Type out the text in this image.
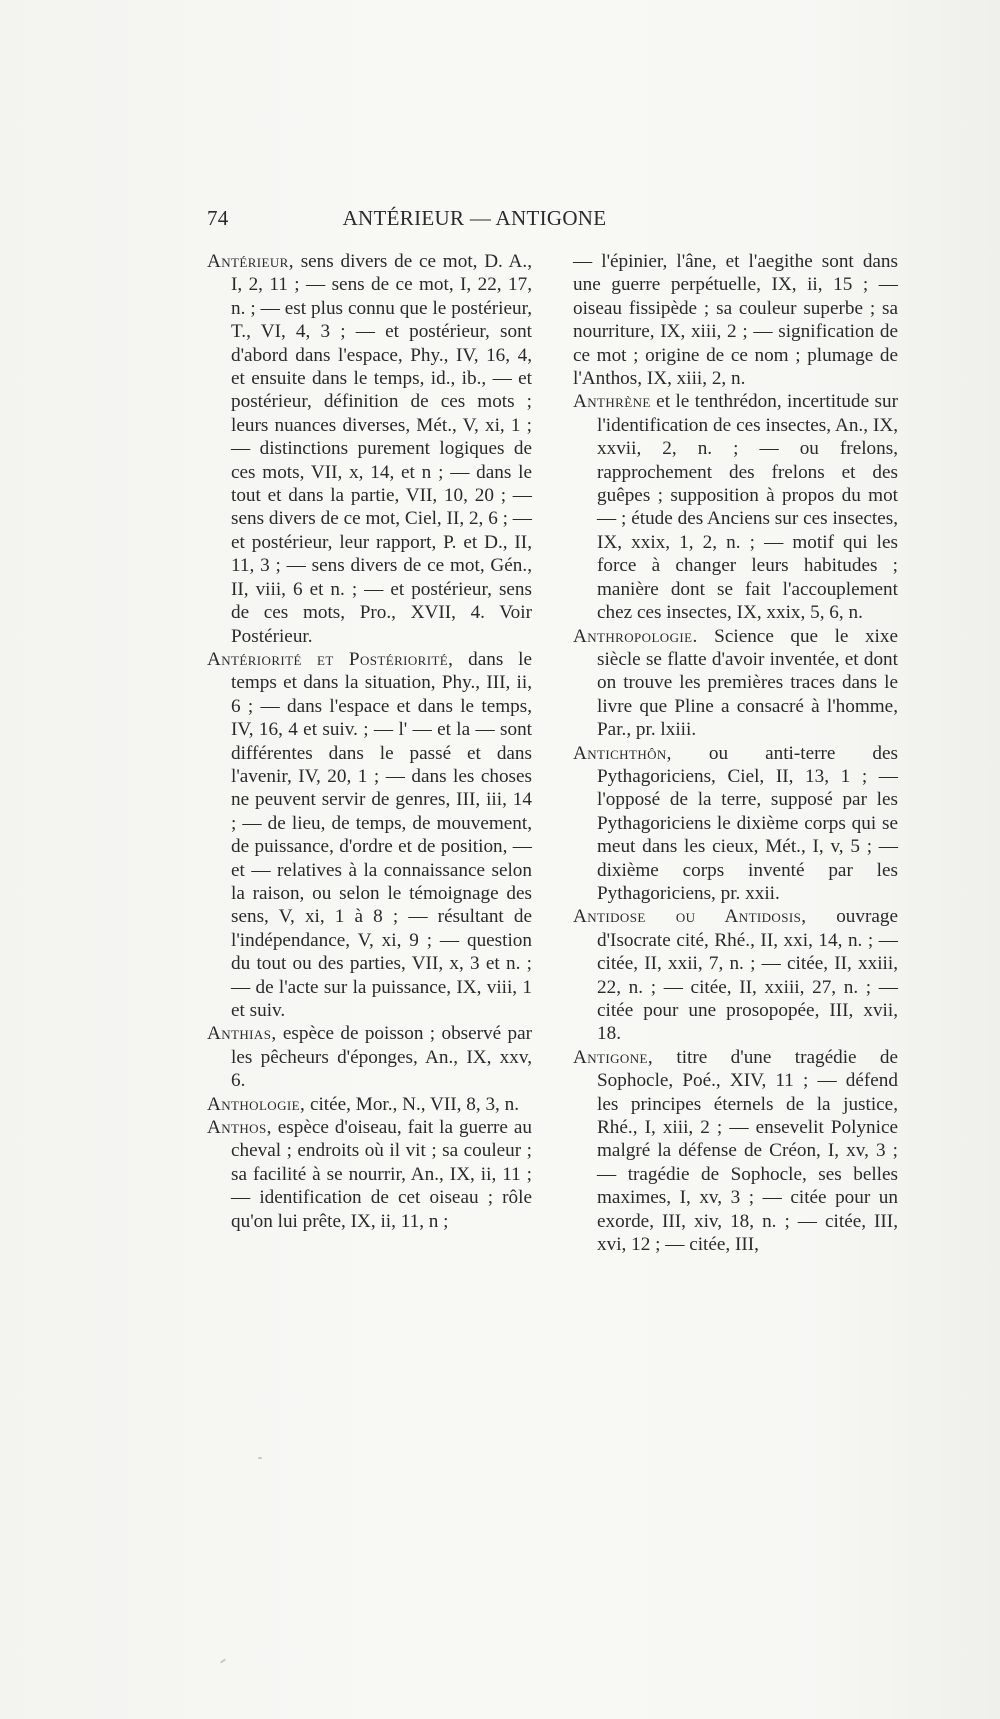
74	ANTÉRIEUR — ANTIGONE

Antérieur, sens divers de ce mot, D. A., I, 2, 11 ; — sens de ce mot, I, 22, 17, n. ; — est plus connu que le postérieur, T., VI, 4, 3 ; — et postérieur, sont d'abord dans l'espace, Phy., IV, 16, 4, et ensuite dans le temps, id., ib., — et postérieur, définition de ces mots ; leurs nuances diverses, Mét., V, xi, 1 ; — distinctions purement logiques de ces mots, VII, x, 14, et n ; — dans le tout et dans la partie, VII, 10, 20 ; — sens divers de ce mot, Ciel, II, 2, 6 ; — et postérieur, leur rapport, P. et D., II, 11, 3 ; — sens divers de ce mot, Gén., II, viii, 6 et n. ; — et postérieur, sens de ces mots, Pro., XVII, 4. Voir Postérieur.

Antériorité et Postériorité, dans le temps et dans la situation, Phy., III, ii, 6 ; — dans l'espace et dans le temps, IV, 16, 4 et suiv. ; — l' — et la — sont différentes dans le passé et dans l'avenir, IV, 20, 1 ; — dans les choses ne peuvent servir de genres, III, iii, 14 ; — de lieu, de temps, de mouvement, de puissance, d'ordre et de position, — et — relatives à la connaissance selon la raison, ou selon le témoignage des sens, V, xi, 1 à 8 ; — résultant de l'indépendance, V, xi, 9 ; — question du tout ou des parties, VII, x, 3 et n. ; — de l'acte sur la puissance, IX, viii, 1 et suiv.

Anthias, espèce de poisson ; observé par les pêcheurs d'éponges, An., IX, xxv, 6.

Anthologie, citée, Mor., N., VII, 8, 3, n.

Anthos, espèce d'oiseau, fait la guerre au cheval ; endroits où il vit ; sa couleur ; sa facilité à se nourrir, An., IX, ii, 11 ; — identification de cet oiseau ; rôle qu'on lui prête, IX, ii, 11, n ;

— l'épinier, l'âne, et l'aegithe sont dans une guerre perpétuelle, IX, ii, 15 ; — oiseau fissipède ; sa couleur superbe ; sa nourriture, IX, xiii, 2 ; — signification de ce mot ; origine de ce nom ; plumage de l'Anthos, IX, xiii, 2, n.

Anthrène et le tenthrédon, incertitude sur l'identification de ces insectes, An., IX, xxvii, 2, n. ; — ou frelons, rapprochement des frelons et des guêpes ; supposition à propos du mot — ; étude des Anciens sur ces insectes, IX, xxix, 1, 2, n. ; — motif qui les force à changer leurs habitudes ; manière dont se fait l'accouplement chez ces insectes, IX, xxix, 5, 6, n.

Anthropologie. Science que le xixe siècle se flatte d'avoir inventée, et dont on trouve les premières traces dans le livre que Pline a consacré à l'homme, Par., pr. lxiii.

Antichthôn, ou anti-terre des Pythagoriciens, Ciel, II, 13, 1 ; — l'opposé de la terre, supposé par les Pythagoriciens le dixième corps qui se meut dans les cieux, Mét., I, v, 5 ; — dixième corps inventé par les Pythagoriciens, pr. xxii.

Antidose ou Antidosis, ouvrage d'Isocrate cité, Rhé., II, xxi, 14, n. ; — citée, II, xxii, 7, n. ; — citée, II, xxiii, 22, n. ; — citée, II, xxiii, 27, n. ; — citée pour une prosopopée, III, xvii, 18.

Antigone, titre d'une tragédie de Sophocle, Poé., XIV, 11 ; — défend les principes éternels de la justice, Rhé., I, xiii, 2 ; — ensevelit Polynice malgré la défense de Créon, I, xv, 3 ; — tragédie de Sophocle, ses belles maximes, I, xv, 3 ; — citée pour un exorde, III, xiv, 18, n. ; — citée, III, xvi, 12 ; — citée, III,
